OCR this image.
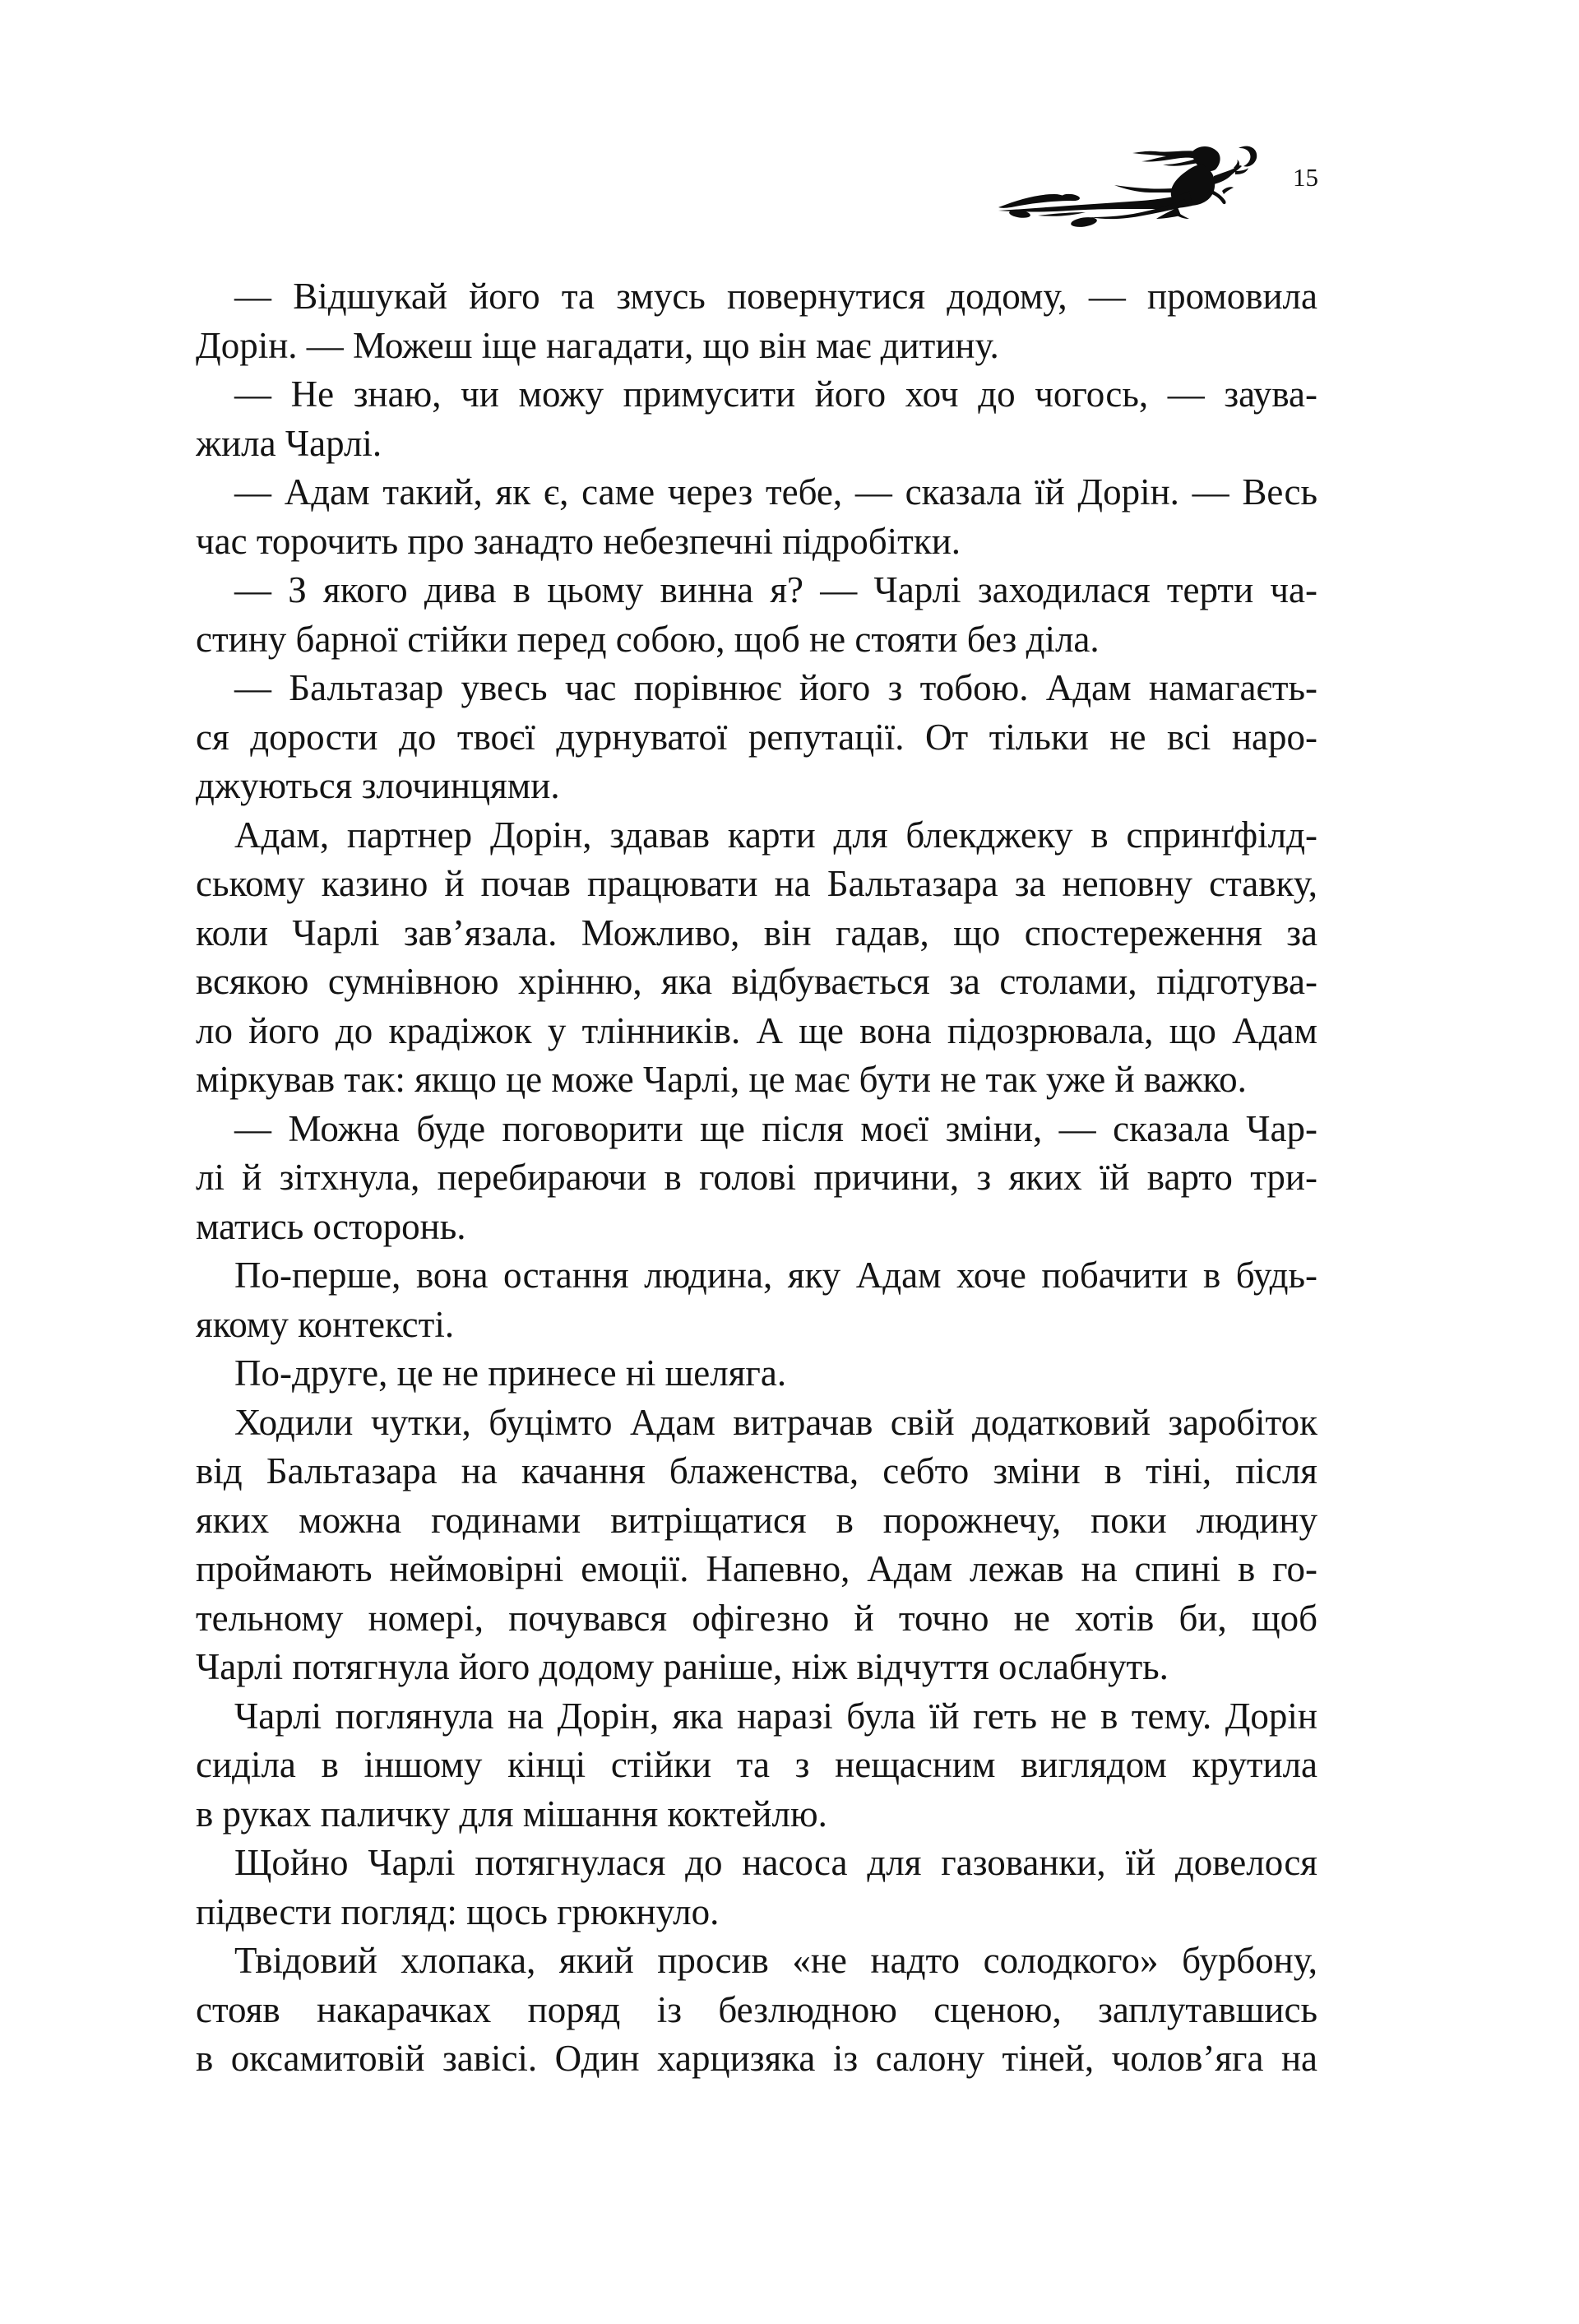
15
— Відшукай його та змусь повернутися додому, — промовила
Дорін. — Можеш іще нагадати, що він має дитину.
— Не знаю, чи можу примусити його хоч до чогось, — заува-
жила Чарлі.
— Адам такий, як є, саме через тебе, — сказала їй Дорін. — Весь
час торочить про занадто небезпечні підробітки.
— З якого дива в цьому винна я? — Чарлі заходилася терти ча-
стину барної стійки перед собою, щоб не стояти без діла.
— Бальтазар увесь час порівнює його з тобою. Адам намагаєть-
ся дорости до твоєї дурнуватої репутації. От тільки не всі наро-
джуються злочинцями.
Адам, партнер Дорін, здавав карти для блекджеку в спринґфілд-
ському казино й почав працювати на Бальтазара за неповну ставку,
коли Чарлі зав’язала. Можливо, він гадав, що спостереження за
всякою сумнівною хрінню, яка відбувається за столами, підготува-
ло його до крадіжок у тлінників. А ще вона підозрювала, що Адам
міркував так: якщо це може Чарлі, це має бути не так уже й важко.
— Можна буде поговорити ще після моєї зміни, — сказала Чар-
лі й зітхнула, перебираючи в голові причини, з яких їй варто три-
матись осторонь.
По-перше, вона остання людина, яку Адам хоче побачити в будь-
якому контексті.
По-друге, це не принесе ні шеляга.
Ходили чутки, буцімто Адам витрачав свій додатковий заробіток
від Бальтазара на качання блаженства, себто зміни в тіні, після
яких можна годинами витріщатися в порожнечу, поки людину
проймають неймовірні емоції. Напевно, Адам лежав на спині в го-
тельному номері, почувався офігезно й точно не хотів би, щоб
Чарлі потягнула його додому раніше, ніж відчуття ослабнуть.
Чарлі поглянула на Дорін, яка наразі була їй геть не в тему. Дорін
сиділа в іншому кінці стійки та з нещасним виглядом крутила
в руках паличку для мішання коктейлю.
Щойно Чарлі потягнулася до насоса для газованки, їй довелося
підвести погляд: щось грюкнуло.
Твідовий хлопака, який просив «не надто солодкого» бурбону,
стояв накарачках поряд із безлюдною сценою, заплутавшись
в оксамитовій завісі. Один харцизяка із салону тіней, чолов’яга на
